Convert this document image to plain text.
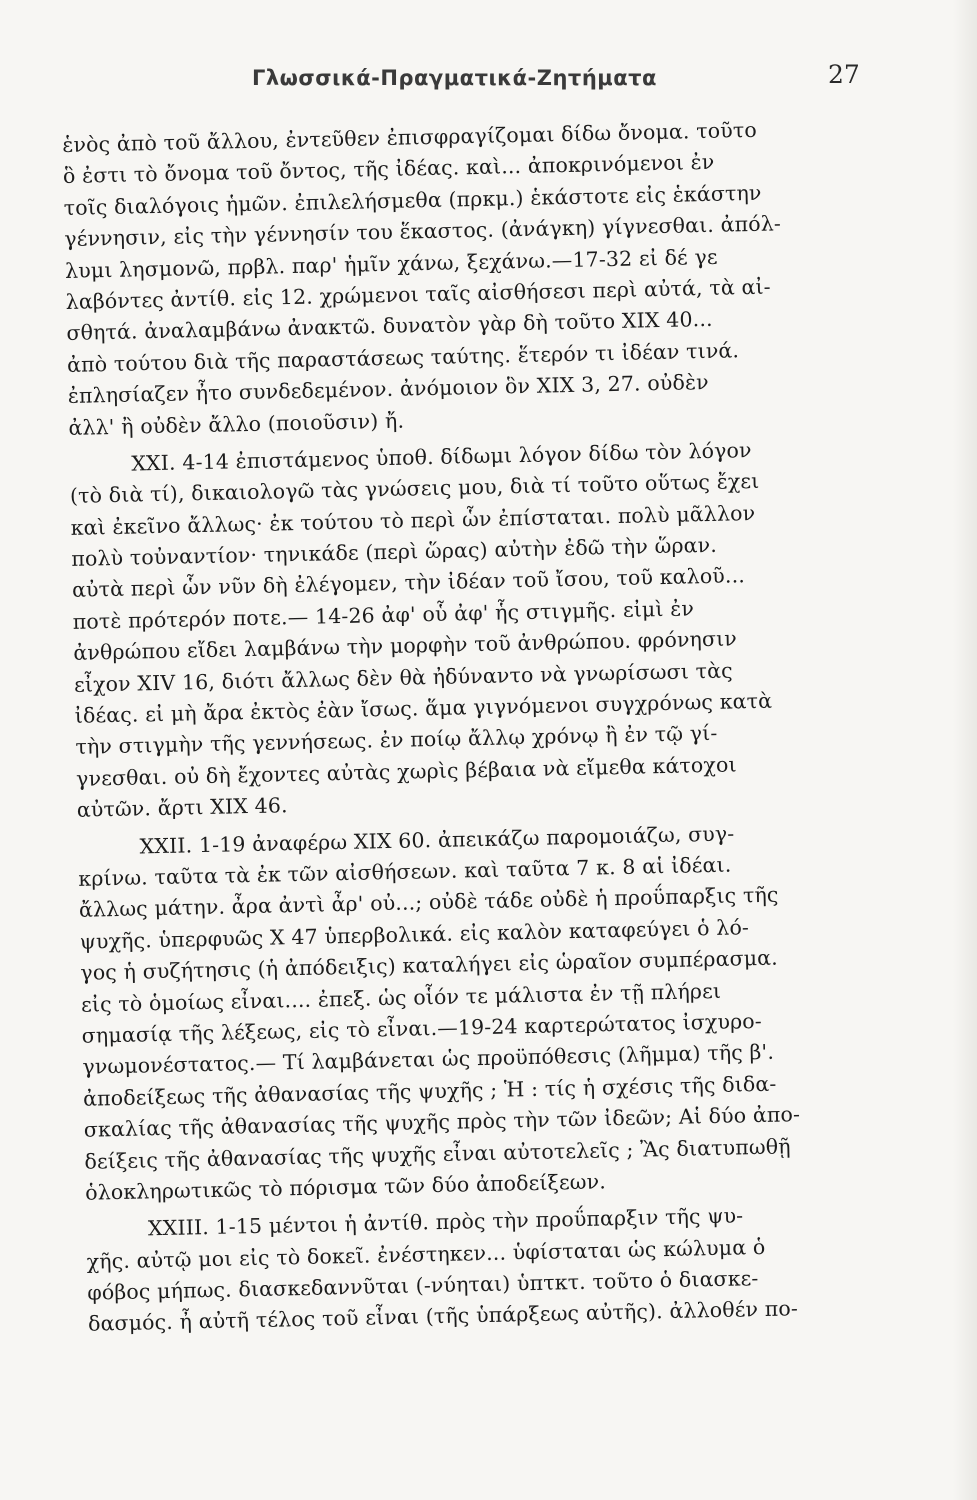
Γλωσσικά-Πραγματικά-Ζητήματα	27
ἑνὸς ἀπὸ τοῦ ἄλλου, ἐντεῦθεν ἐπισφραγίζομαι δίδω ὄνομα. τοῦτο
ὃ ἐστι τὸ ὄνομα τοῦ ὄντος, τῆς ἰδέας. καὶ... ἀποκρινόμενοι ἐν
τοῖς διαλόγοις ἡμῶν. ἐπιλελήσμεθα (πρκμ.) ἑκάστοτε εἰς ἑκάστην
γέννησιν, εἰς τὴν γέννησίν του ἕκαστος. (ἀνάγκη) γίγνεσθαι. ἀπόλ-
λυμι λησμονῶ, πρβλ. παρ' ἡμῖν χάνω, ξεχάνω.—17-32 εἰ δέ γε
λαβόντες ἀντίθ. εἰς 12. χρώμενοι ταῖς αἰσθήσεσι περὶ αὐτά, τὰ αἰ-
σθητά. ἀναλαμβάνω ἀνακτῶ. δυνατὸν γὰρ δὴ τοῦτο XIX 40...
ἀπὸ τούτου διὰ τῆς παραστάσεως ταύτης. ἕτερόν τι ἰδέαν τινά.
ἐπλησίαζεν ἦτο συνδεδεμένον. ἀνόμοιον ὃν XIX 3, 27. οὐδὲν
ἀλλ' ἢ οὐδὲν ἄλλο (ποιοῦσιν) ἤ.
XXI. 4-14 ἐπιστάμενος ὑποθ. δίδωμι λόγον δίδω τὸν λόγον
(τὸ διὰ τί), δικαιολογῶ τὰς γνώσεις μου, διὰ τί τοῦτο οὕτως ἔχει
καὶ ἐκεῖνο ἄλλως· ἐκ τούτου τὸ περὶ ὧν ἐπίσταται. πολὺ μᾶλλον
πολὺ τοὐναντίον· τηνικάδε (περὶ ὥρας) αὐτὴν ἐδῶ τὴν ὥραν.
αὐτὰ περὶ ὧν νῦν δὴ ἐλέγομεν, τὴν ἰδέαν τοῦ ἴσου, τοῦ καλοῦ...
ποτὲ πρότερόν ποτε.— 14-26 ἀφ' οὗ ἀφ' ἧς στιγμῆς. εἰμὶ ἐν
ἀνθρώπου εἴδει λαμβάνω τὴν μορφὴν τοῦ ἀνθρώπου. φρόνησιν
εἶχον XIV 16, διότι ἄλλως δὲν θὰ ἠδύναντο νὰ γνωρίσωσι τὰς
ἰδέας. εἰ μὴ ἄρα ἐκτὸς ἐὰν ἴσως. ἅμα γιγνόμενοι συγχρόνως κατὰ
τὴν στιγμὴν τῆς γεννήσεως. ἐν ποίῳ ἄλλῳ χρόνῳ ἢ ἐν τῷ γί-
γνεσθαι. οὐ δὴ ἔχοντες αὐτὰς χωρὶς βέβαια νὰ εἴμεθα κάτοχοι
αὐτῶν. ἄρτι XIX 46.
XXII. 1-19 ἀναφέρω XIX 60. ἀπεικάζω παρομοιάζω, συγ-
κρίνω. ταῦτα τὰ ἐκ τῶν αἰσθήσεων. καὶ ταῦτα 7 κ. 8 αἱ ἰδέαι.
ἄλλως μάτην. ἆρα ἀντὶ ἆρ' οὐ...; οὐδὲ τάδε οὐδὲ ἡ προΰπαρξις τῆς
ψυχῆς. ὑπερφυῶς X 47 ὑπερβολικά. εἰς καλὸν καταφεύγει ὁ λό-
γος ἡ συζήτησις (ἡ ἀπόδειξις) καταλήγει εἰς ὡραῖον συμπέρασμα.
εἰς τὸ ὁμοίως εἶναι.... ἐπεξ. ὡς οἷόν τε μάλιστα ἐν τῇ πλήρει
σημασίᾳ τῆς λέξεως, εἰς τὸ εἶναι.—19-24 καρτερώτατος ἰσχυρο-
γνωμονέστατος.— Τί λαμβάνεται ὡς προϋπόθεσις (λῆμμα) τῆς β'.
ἀποδείξεως τῆς ἀθανασίας τῆς ψυχῆς ; Ἡ : τίς ἡ σχέσις τῆς διδα-
σκαλίας τῆς ἀθανασίας τῆς ψυχῆς πρὸς τὴν τῶν ἰδεῶν; Αἱ δύο ἀπο-
δείξεις τῆς ἀθανασίας τῆς ψυχῆς εἶναι αὐτοτελεῖς ; Ἂς διατυπωθῇ
ὁλοκληρωτικῶς τὸ πόρισμα τῶν δύο ἀποδείξεων.
XXIII. 1-15 μέντοι ἡ ἀντίθ. πρὸς τὴν προΰπαρξιν τῆς ψυ-
χῆς. αὐτῷ μοι εἰς τὸ δοκεῖ. ἐνέστηκεν... ὑφίσταται ὡς κώλυμα ὁ
φόβος μήπως. διασκεδαννῦται (-νύηται) ὑπτκτ. τοῦτο ὁ διασκε-
δασμός. ἦ αὐτῆ τέλος τοῦ εἶναι (τῆς ὑπάρξεως αὐτῆς). ἀλλοθέν πο-
